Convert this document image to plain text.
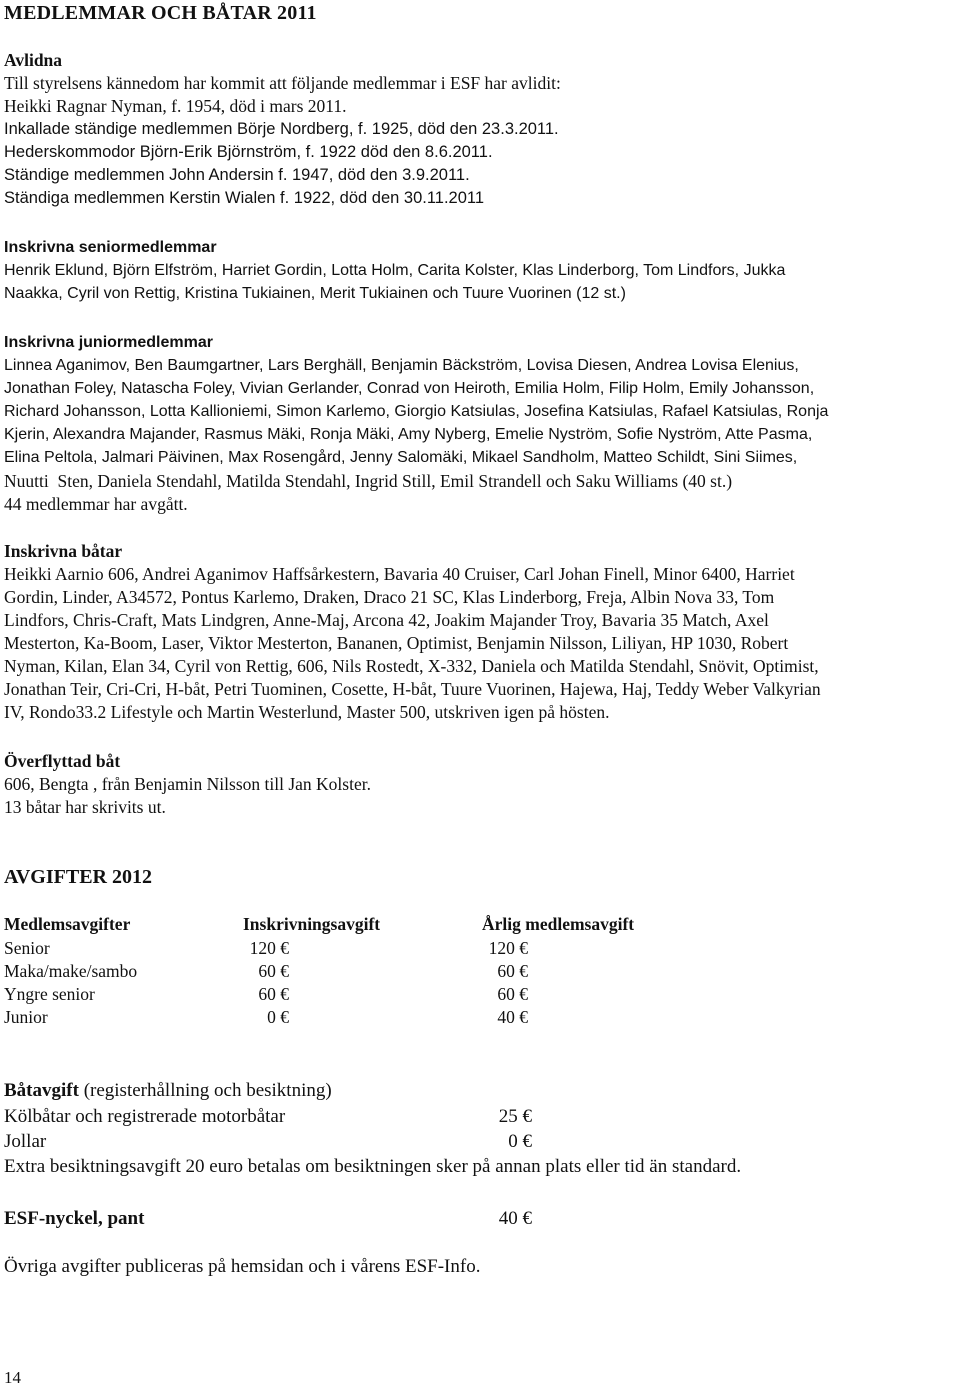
MEDLEMMAR OCH BÅTAR 2011
Avlidna
Till styrelsens kännedom har kommit att följande medlemmar i ESF har avlidit:
Heikki Ragnar Nyman, f. 1954, död i mars 2011.
Inkallade ständige medlemmen Börje Nordberg, f. 1925, död den 23.3.2011.
Hederskommodor Björn-Erik Björnström, f. 1922 död den 8.6.2011.
Ständige medlemmen John Andersin f. 1947, död den 3.9.2011.
Ständiga medlemmen Kerstin Wialen f. 1922, död den 30.11.2011
Inskrivna seniormedlemmar
Henrik Eklund, Björn Elfström, Harriet Gordin, Lotta Holm, Carita Kolster, Klas Linderborg, Tom Lindfors, Jukka
Naakka, Cyril von Rettig, Kristina Tukiainen, Merit Tukiainen och Tuure Vuorinen (12 st.)
Inskrivna juniormedlemmar
Linnea Aganimov, Ben Baumgartner, Lars Berghäll, Benjamin Bäckström, Lovisa Diesen, Andrea Lovisa Elenius,
Jonathan Foley, Natascha Foley, Vivian Gerlander, Conrad von Heiroth, Emilia Holm, Filip Holm, Emily Johansson,
Richard Johansson, Lotta Kallioniemi, Simon Karlemo, Giorgio Katsiulas, Josefina Katsiulas, Rafael Katsiulas, Ronja
Kjerin, Alexandra Majander, Rasmus Mäki, Ronja Mäki, Amy Nyberg, Emelie Nyström, Sofie Nyström, Atte Pasma,
Elina Peltola, Jalmari Päivinen, Max Rosengård, Jenny Salomäki, Mikael Sandholm, Matteo Schildt, Sini Siimes,
Nuutti  Sten, Daniela Stendahl, Matilda Stendahl, Ingrid Still, Emil Strandell och Saku Williams (40 st.)
44 medlemmar har avgått.
Inskrivna båtar
Heikki Aarnio 606, Andrei Aganimov Haffsårkestern, Bavaria 40 Cruiser, Carl Johan Finell, Minor 6400, Harriet
Gordin, Linder, A34572, Pontus Karlemo, Draken, Draco 21 SC, Klas Linderborg, Freja, Albin Nova 33, Tom
Lindfors, Chris-Craft, Mats Lindgren, Anne-Maj, Arcona 42, Joakim Majander Troy, Bavaria 35 Match, Axel
Mesterton, Ka-Boom, Laser, Viktor Mesterton, Bananen, Optimist, Benjamin Nilsson, Liliyan, HP 1030, Robert
Nyman, Kilan, Elan 34, Cyril von Rettig, 606, Nils Rostedt, X-332, Daniela och Matilda Stendahl, Snövit, Optimist,
Jonathan Teir, Cri-Cri, H-båt, Petri Tuominen, Cosette, H-båt, Tuure Vuorinen, Hajewa, Haj, Teddy Weber Valkyrian
IV, Rondo33.2 Lifestyle och Martin Westerlund, Master 500, utskriven igen på hösten.
Överflyttad båt
606, Bengta , från Benjamin Nilsson till Jan Kolster.
13 båtar har skrivits ut.
AVGIFTER 2012
Medlemsavgifter	Inskrivningsavgift	Årlig medlemsavgift
Senior	120 €	120 €
Maka/make/sambo	60 €	60 €
Yngre senior	60 €	60 €
Junior	0 €	40 €
Båtavgift (registerhållning och besiktning)
Kölbåtar och registrerade motorbåtar	25 €
Jollar	0 €
Extra besiktningsavgift 20 euro betalas om besiktningen sker på annan plats eller tid än standard.
ESF-nyckel, pant	40 €
Övriga avgifter publiceras på hemsidan och i vårens ESF-Info.
14
